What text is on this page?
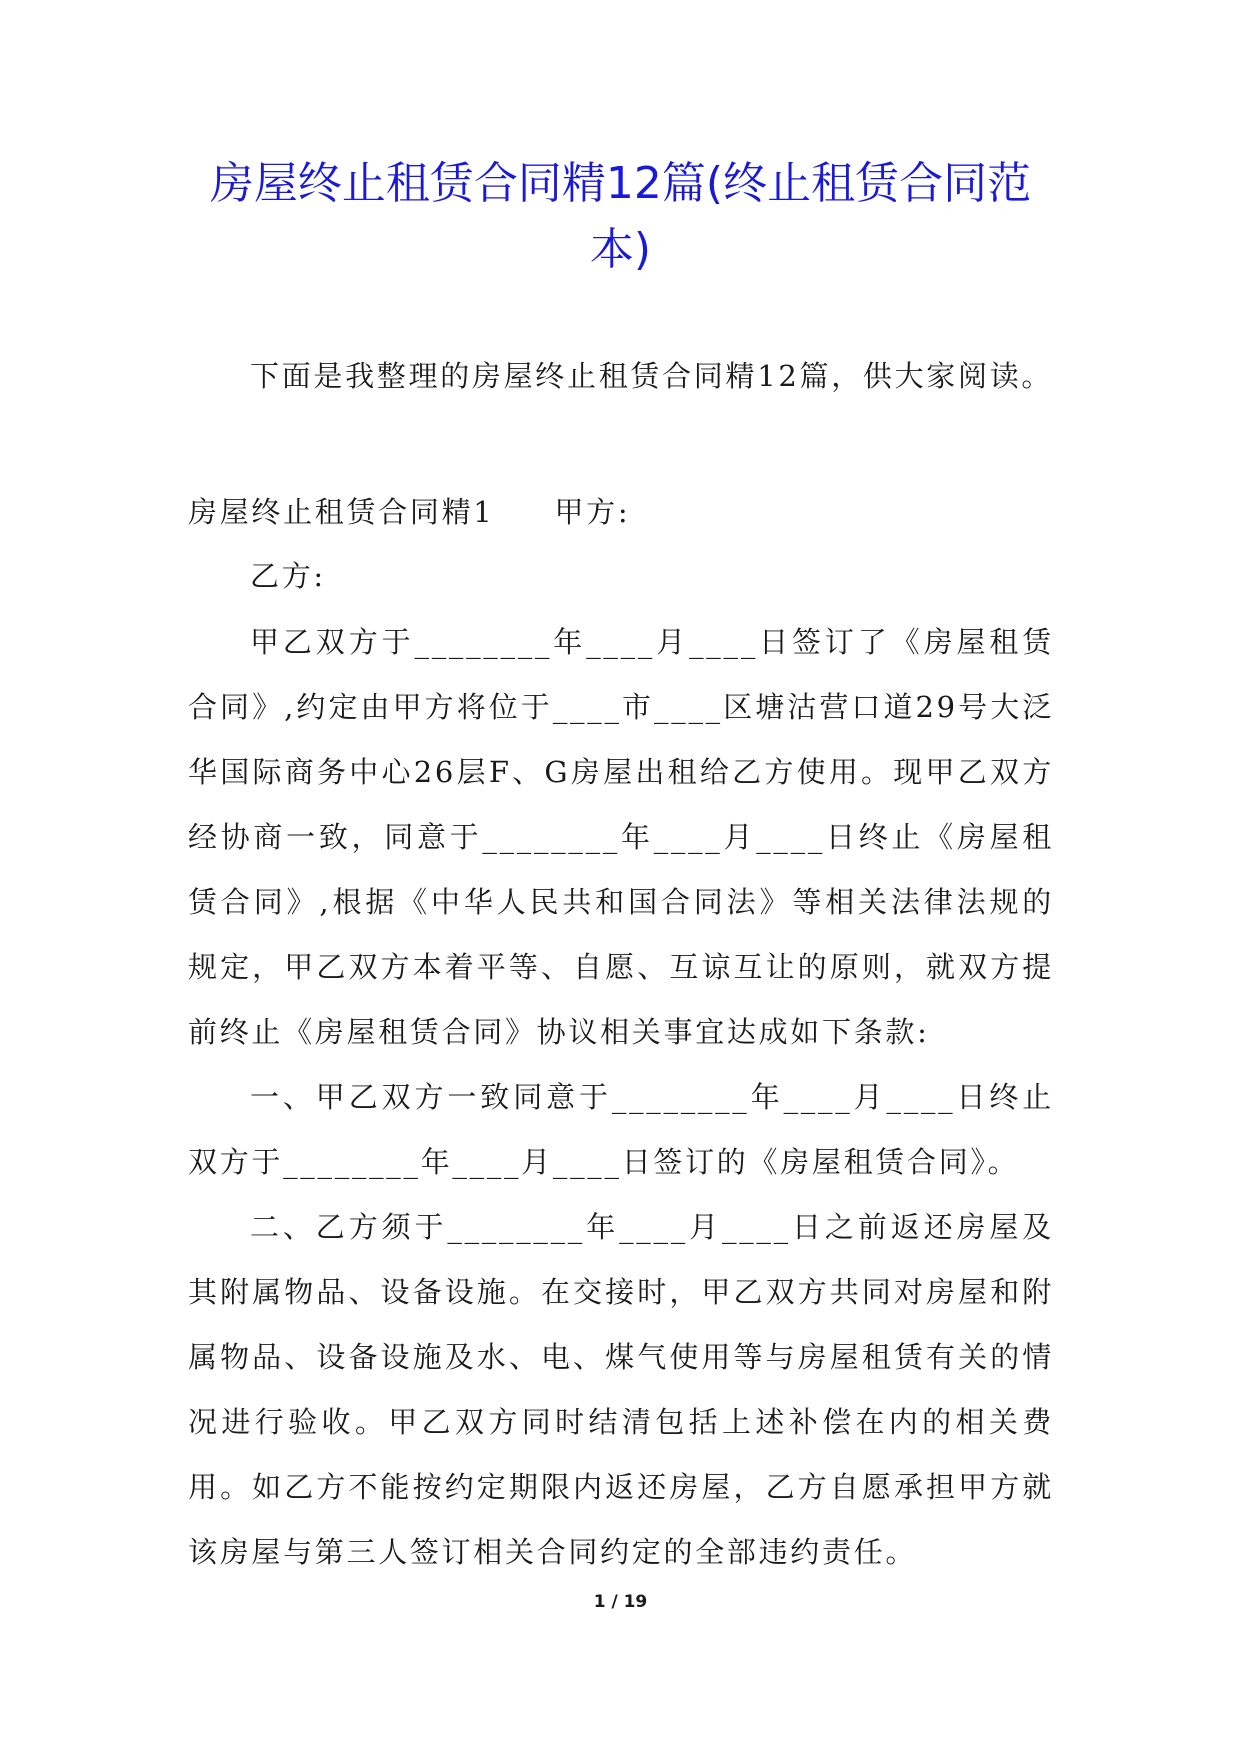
房屋终止租赁合同精12篇(终止租赁合同范
本)
下面是我整理的房屋终止租赁合同精12篇，供大家阅读。
房屋终止租赁合同精1 甲方:
乙方:

甲乙双方于________年____月____日签订了《房屋租赁合同》,约定由甲方将位于____市____区塘沽营口道29号大泛华国际商务中心26层F、G房屋出租给乙方使用。现甲乙双方经协商一致，同意于________年____月____日终止《房屋租赁合同》,根据《中华人民共和国合同法》等相关法律法规的规定，甲乙双方本着平等、自愿、互谅互让的原则，就双方提前终止《房屋租赁合同》协议相关事宜达成如下条款:

一、甲乙双方一致同意于________年____月____日终止双方于________年____月____日签订的《房屋租赁合同》。

二、乙方须于________年____月____日之前返还房屋及其附属物品、设备设施。在交接时，甲乙双方共同对房屋和附属物品、设备设施及水、电、煤气使用等与房屋租赁有关的情况进行验收。甲乙双方同时结清包括上述补偿在内的相关费用。如乙方不能按约定期限内返还房屋，乙方自愿承担甲方就该房屋与第三人签订相关合同约定的全部违约责任。

1 / 19
